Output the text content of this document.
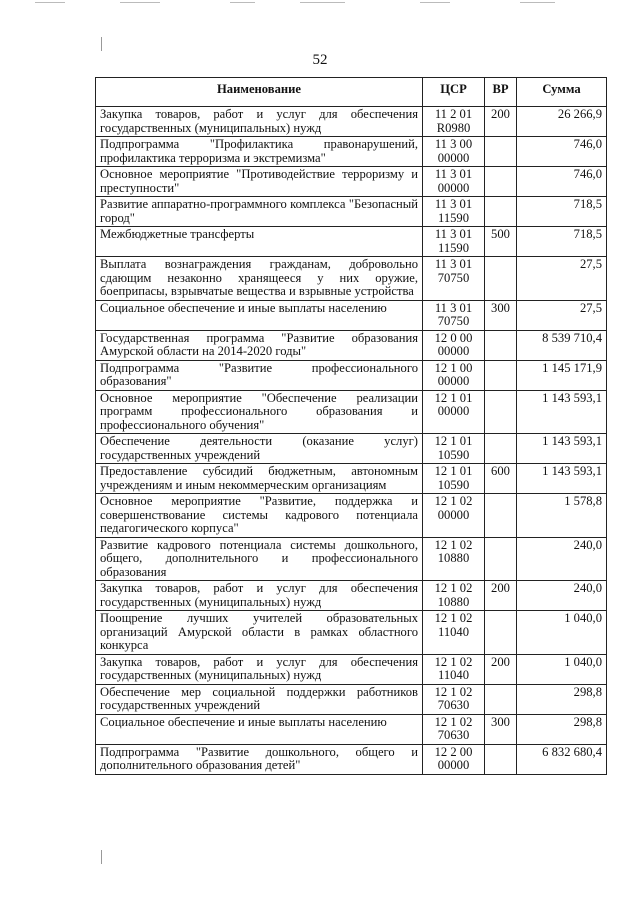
52
Наименование	ЦСР	ВР	Сумма
Закупка товаров, работ и услуг для обеспечения государственных (муниципальных) нужд	11 2 01 R0980	200	26 266,9
Подпрограмма "Профилактика правонарушений, профилактика терроризма и экстремизма"	11 3 00 00000		746,0
Основное мероприятие "Противодействие терроризму и преступности"	11 3 01 00000		746,0
Развитие аппаратно-программного комплекса "Безопасный город"	11 3 01 11590		718,5
Межбюджетные трансферты	11 3 01 11590	500	718,5
Выплата вознаграждения гражданам, добровольно сдающим незаконно хранящееся у них оружие, боеприпасы, взрывчатые вещества и взрывные устройства	11 3 01 70750		27,5
Социальное обеспечение и иные выплаты населению	11 3 01 70750	300	27,5
Государственная программа "Развитие образования Амурской области на 2014-2020 годы"	12 0 00 00000		8 539 710,4
Подпрограмма "Развитие профессионального образования"	12 1 00 00000		1 145 171,9
Основное мероприятие "Обеспечение реализации программ профессионального образования и профессионального обучения"	12 1 01 00000		1 143 593,1
Обеспечение деятельности (оказание услуг) государственных учреждений	12 1 01 10590		1 143 593,1
Предоставление субсидий бюджетным, автономным учреждениям и иным некоммерческим организациям	12 1 01 10590	600	1 143 593,1
Основное мероприятие "Развитие, поддержка и совершенствование системы кадрового потенциала педагогического корпуса"	12 1 02 00000		1 578,8
Развитие кадрового потенциала системы дошкольного, общего, дополнительного и профессионального образования	12 1 02 10880		240,0
Закупка товаров, работ и услуг для обеспечения государственных (муниципальных) нужд	12 1 02 10880	200	240,0
Поощрение лучших учителей образовательных организаций Амурской области в рамках областного конкурса	12 1 02 11040		1 040,0
Закупка товаров, работ и услуг для обеспечения государственных (муниципальных) нужд	12 1 02 11040	200	1 040,0
Обеспечение мер социальной поддержки работников государственных учреждений	12 1 02 70630		298,8
Социальное обеспечение и иные выплаты населению	12 1 02 70630	300	298,8
Подпрограмма "Развитие дошкольного, общего и дополнительного образования детей"	12 2 00 00000		6 832 680,4
